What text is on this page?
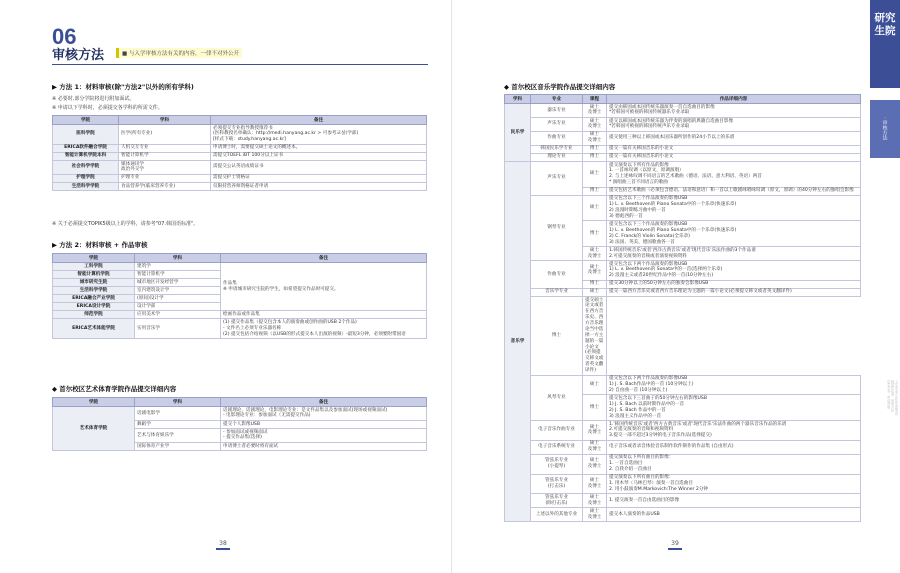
06
审核方法	■ 与入学审核方法有关的内容，一律不对外公开
▶ 方法 1：材料审核(除"方法2"以外的所有学科)
※ 必要时,部分学院将进行附加面试。
※ 申请以下学科时，必须提交各学科的所需文件。
学院	学科	备注
医科学院	医学(所有专业)	必须提交专业指导教授推荐书
(医科教授名单确认：http://medi.hanyang.ac.kr > 可参考교실(学部)
[样式下载：study.hanyang.ac.kr]
ERICA软件融合学院	人机交互专业	申请博士时，需要提交硕士论文的概述本。
智能计算机学院本科	智能计算机学	需提交TOEFL iBT 100分以上证书
社会科学学院	媒体通讯学
政治外交学	需提交公认英语成绩证书
护理学院	护理专业	需提交护士资格证
生活科学学院	食品营养学(临床营养专业)	仅限持营养师资格证者申请
※ 关于必须提交TOPIK5级以上的学科，请参考"07.韩国语标准"。
▶ 方法 2：材料审核 + 作品审核
学院	学科	备注
工科学院	建筑学	作品集
※ 申请城市研究生院的学生，如希望提交作品时可提交。
智能计算机学院	智能计算机学	
城市研究生院	城市地区开发经营学	
生活科学学院	室内建筑设计学	
ERICA融合产业学院	(原间)设计学	
ERICA设计学院	设计学部	
师范学院	应用美术学	绘画作品或作品集
ERICA艺术体能学院	实用音乐学	(1) 提交作品集（提交包含本人的演奏曲或创作曲的USB 2个作品)
- 文件名上必须专业乐器名称
(2) 提交包括介绍视频（以USB的形式提交本人出演的视频）-最短3分钟，必须要附带国语
◆ 首尔校区艺术体育学院作品提交详细内容
学院	学科	备注
艺术体育学院	话剧电影学	话剧理论，话剧理论，电影理论专业：是文件品集以及参加面试(现场或视频面试)
- 电影理论专业：参加面试（无需提交作品)
	舞蹈学	提交个人影像USB
	艺术与体育娱乐学	- 参加面试或视频面试
- 提交作品集(选择)
	国际体育产业学	申请博士者必要时将有面试
38
◆ 首尔校区音乐学院作品提交详细内容
学科	专业	课程	作品详细内容
民乐学	器乐专业	硕士
及博士	提交由韩国或本国传统乐器演奏一首自选曲目的影像
*若韩国可被视的韩国传统器乐专业录取
	声乐专业	硕士
及博士	提交以韩国或本国传统乐器为伴奏的演唱的典籍自选曲目影像
*若韩国可被视的韩国传统声乐专业录取
	作曲专业	硕士
及博士	提交使用三种以上韩国或本国乐器所创作的24小节以上的乐谱
	韩国民乐学专业	博士	提交一篇有关韩国音乐的小论文
	理论专业	博士	提交一篇有关韩国音乐的小论文
音乐学	声乐专业	硕士	提交演奏以下所有作品的影像
1. 一首咏叹调（以原文，原调演唱）
2. 与上述咏叹调不同语言的艺术歌曲（德语、法语、意大利语、英语）两首
* 演唱曲三首不同语言的歌曲
		博士	提交包括艺术歌曲（必须包含德语、法语和意语）和一首以上歌剧咏唱咏叹调（原文，原调）的40分钟左右的独唱会影像
	钢琴专业	硕士	提交包含以下三个作品演奏的影像USB
1) L. v. Beethoven的 Piano Sonata中的一个乐章(快速乐章)
2) 浪漫时期练习曲中的一首
3) 德彪西的一首
		博士	提交包含以下三个作品演奏的影像USB
1) L. v. Beethoven的 Piano Sonata中的一个乐章(快速乐章)
2) C. Franck的 Violin Sonata(全乐章)
3) 法国、英美、德国歌曲各一首
		硕士
及博士	1.韩国传统音乐'或者'西洋古典音乐'或者'现代音乐'乐法作曲的3个作品谱
2.可提交演奏的音频或者演奏视频资料
	作曲专业	硕士
及博士	提交包含以下两个作品演奏的影像USB
1) L. v. Beethoven的 Sonata中的一首(选择两个乐章)
2) 浪漫主义或者20世纪作品中的一首(10分钟左右)
		博士	提交30分钟以上的50分钟左右的独奏会影像USB
	音乐学专业	硕士	提交一篇西方音乐史或者西方音乐理论为主题的一篇小论文(必须提交韩文或者英文翻译件)
	博士	提交硕士论文或者在西方音乐史、西方音乐理论当中选择一方主题的一篇小论文
(必须提交韩文或者英文翻译件)	
	风琴专业	硕士	提交包含以下两个作品演奏的影像USB
1) J. S. Bach作品中的一首 (10分钟以上)
2) 自由曲一首 (10分钟以上)
		博士	提交包含以下三首曲子的50分钟左右的影像USB
1) J. S. Bach 以前时期作品中的一首
2) J. S. Bach 作品中的一首
3) 浪漫主义作品中的一首
	电子音乐作曲专业	硕士
及博士	1.'韩国传统音乐'或者'西方古典音乐'或者'现代音乐'乐法作曲的两个器乐音乐作品的乐谱
2.可提交演奏的音频和视频资料
3.提交一部不超过3分钟的电子音乐作品(选择提交)
	电子音乐系统专业	硕士
及博士	电子音乐或者录音体验音乐制作软件制作的作品集 (自由形式)
	管弦乐专业
(小提琴)	硕士
及博士	提交演奏以下所有曲目的影像：
1. 一首自选曲目
2. 自我介绍一首曲目
	管弦乐专业
(打击乐)	硕士
及博士	提交演奏以下所有曲目的影像：
1. 用木琴（马林巴琴）演奏一首自选曲目
2. 用小鼓演奏M.Markovich:The Winner 2分钟
	管弦乐专业
(除打击乐)	硕士
及博士	1. 提交演奏一首自由选曲目的影像
	上述以外的其他专业	硕士
及博士	提交本人演奏的作品USB
39
研究生院
· 审核方法
入学申请方法及注意事项
韩国语标准 · 审核方法
招生学科 · 申请资格
